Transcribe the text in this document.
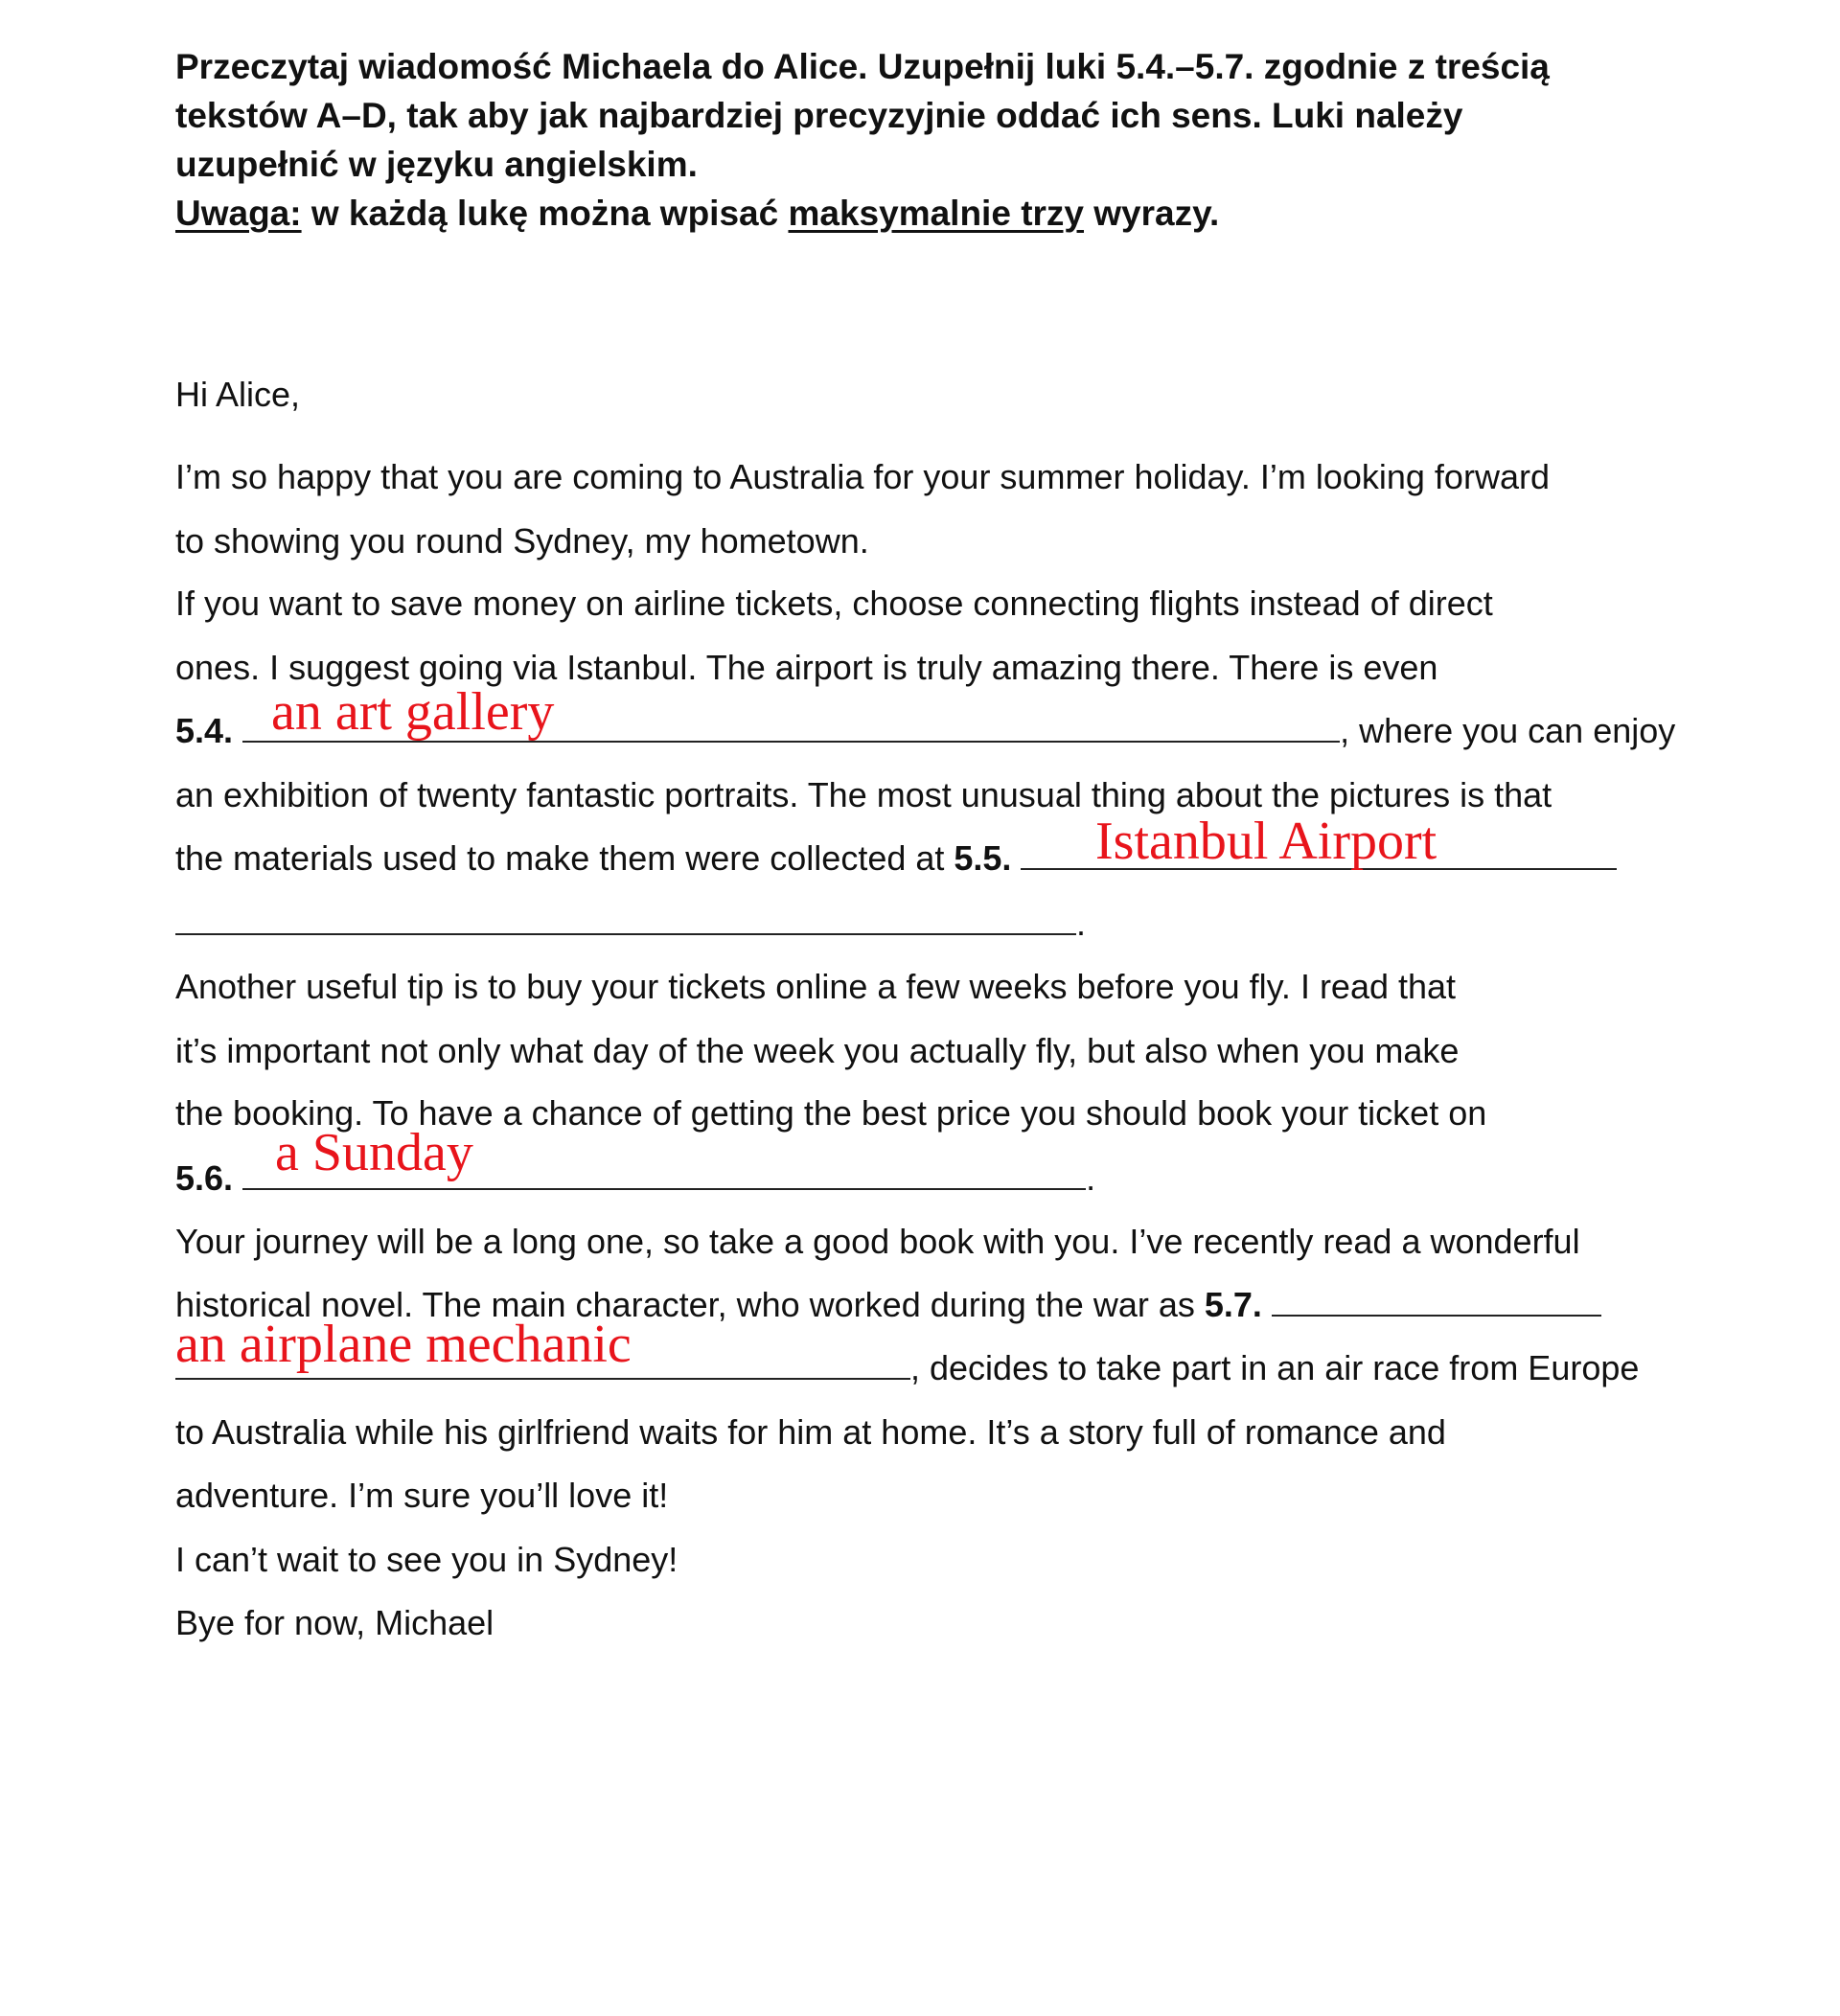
Przeczytaj wiadomość Michaela do Alice. Uzupełnij luki 5.4.–5.7. zgodnie z treścią
tekstów A–D, tak aby jak najbardziej precyzyjnie oddać ich sens. Luki należy
uzupełnić w języku angielskim.
Uwaga: w każdą lukę można wpisać maksymalnie trzy wyrazy.
Hi Alice,
I’m so happy that you are coming to Australia for your summer holiday. I’m looking forward
to showing you round Sydney, my hometown.
If you want to save money on airline tickets, choose connecting flights instead of direct
ones. I suggest going via Istanbul. The airport is truly amazing there. There is even
5.4.	, where you can enjoy
an art gallery
an exhibition of twenty fantastic portraits. The most unusual thing about the pictures is that
the materials used to make them were collected at 5.5.	Istanbul Airport
.
Another useful tip is to buy your tickets online a few weeks before you fly. I read that
it’s important not only what day of the week you actually fly, but also when you make
the booking. To have a chance of getting the best price you should book your ticket on
5.6.	.
a Sunday
Your journey will be a long one, so take a good book with you. I’ve recently read a wonderful
historical novel. The main character, who worked during the war as 5.7.
, decides to take part in an air race from Europe
an airplane mechanic
to Australia while his girlfriend waits for him at home. It’s a story full of romance and
adventure. I’m sure you’ll love it!
I can’t wait to see you in Sydney!
Bye for now, Michael
